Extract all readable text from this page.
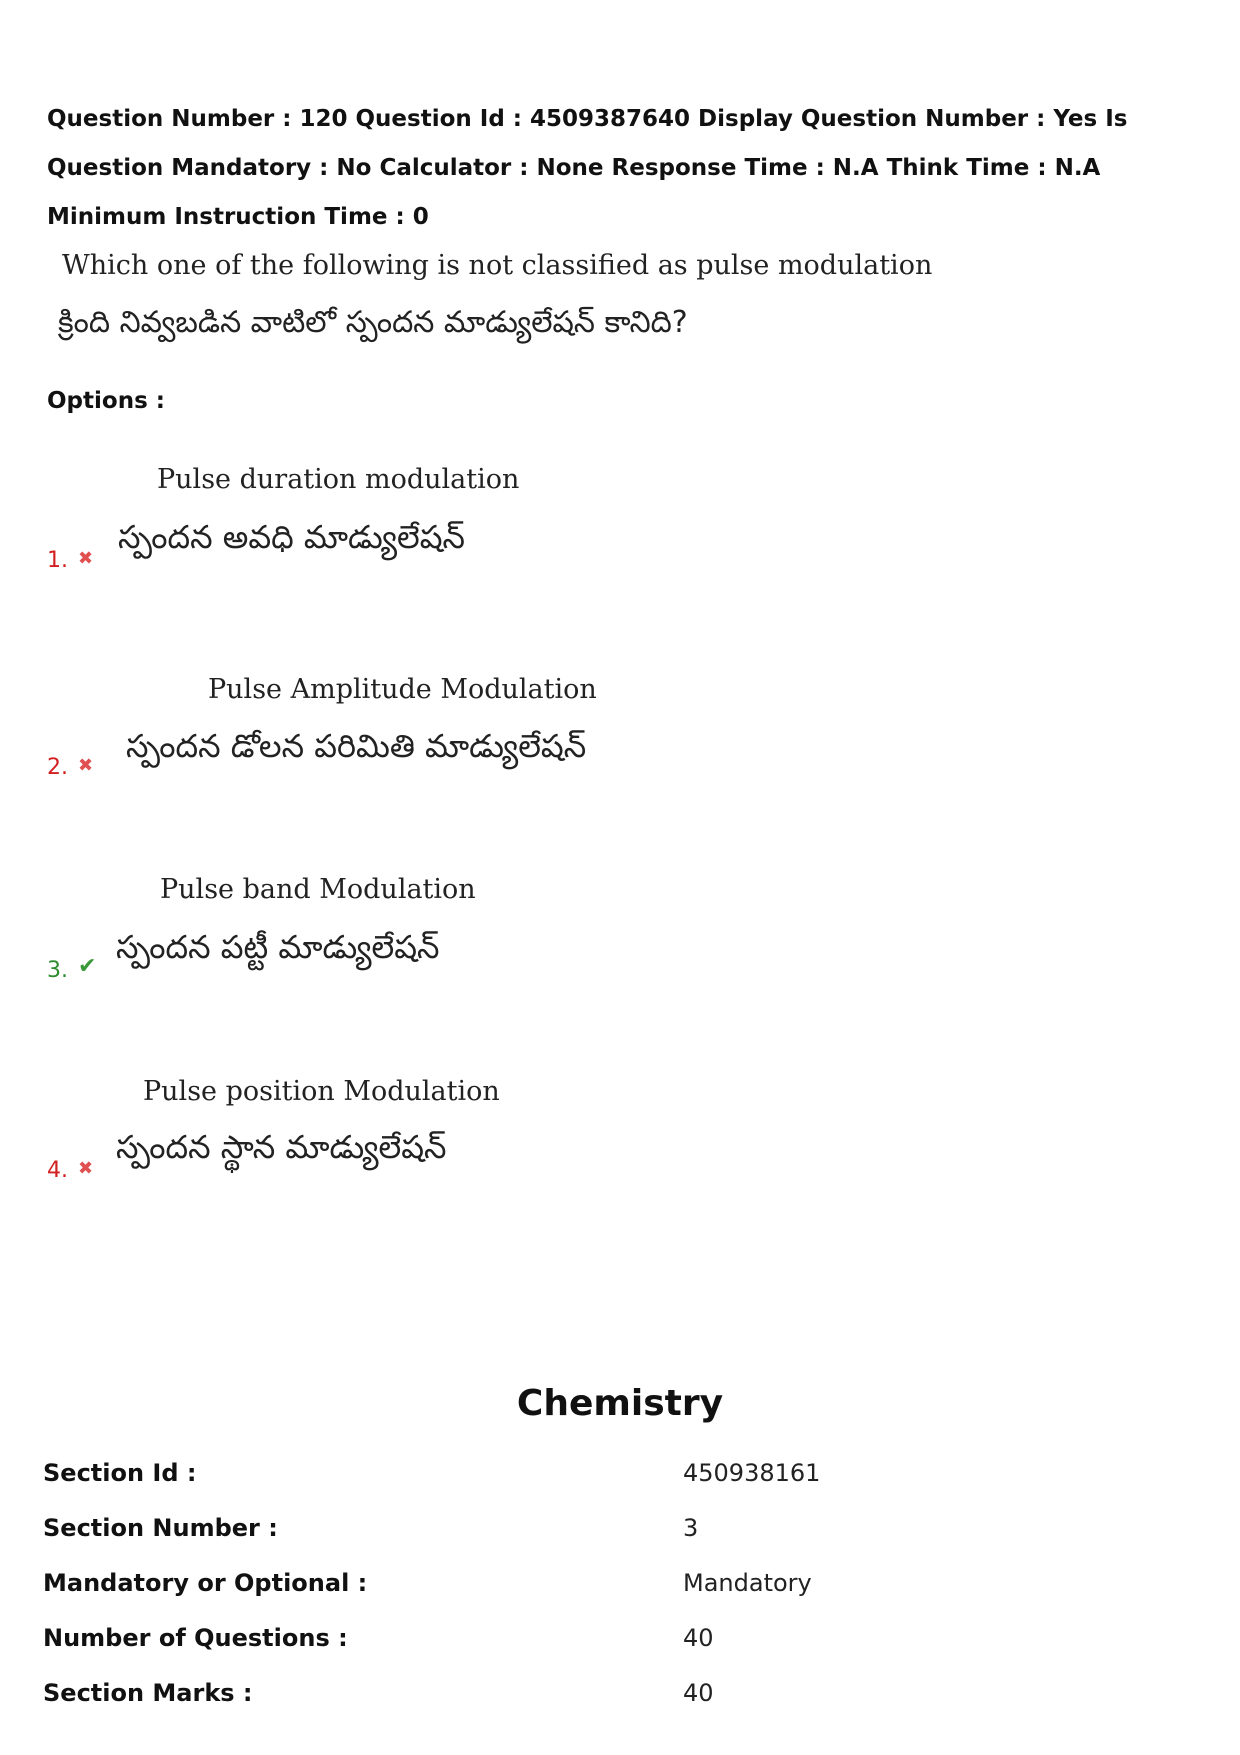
Question Number : 120 Question Id : 4509387640 Display Question Number : Yes Is Question Mandatory : No Calculator : None Response Time : N.A Think Time : N.A Minimum Instruction Time : 0

Which one of the following is not classified as pulse modulation

క్రింది నివ్వబడిన వాటిలో స్పందన మాడ్యులేషన్ కానిది?

Options :

Pulse duration modulation
స్పందన అవధి మాడ్యులేషన్
1. ✖
Pulse Amplitude Modulation
స్పందన డోలన పరిమితి మాడ్యులేషన్
2. ✖
Pulse band Modulation
స్పందన పట్టీ మాడ్యులేషన్
3. ✔
Pulse position Modulation
స్పందన స్థాన మాడ్యులేషన్
4. ✖
Chemistry
Section Id :	450938161
Section Number :	3
Mandatory or Optional :	Mandatory
Number of Questions :	40
Section Marks :	40
